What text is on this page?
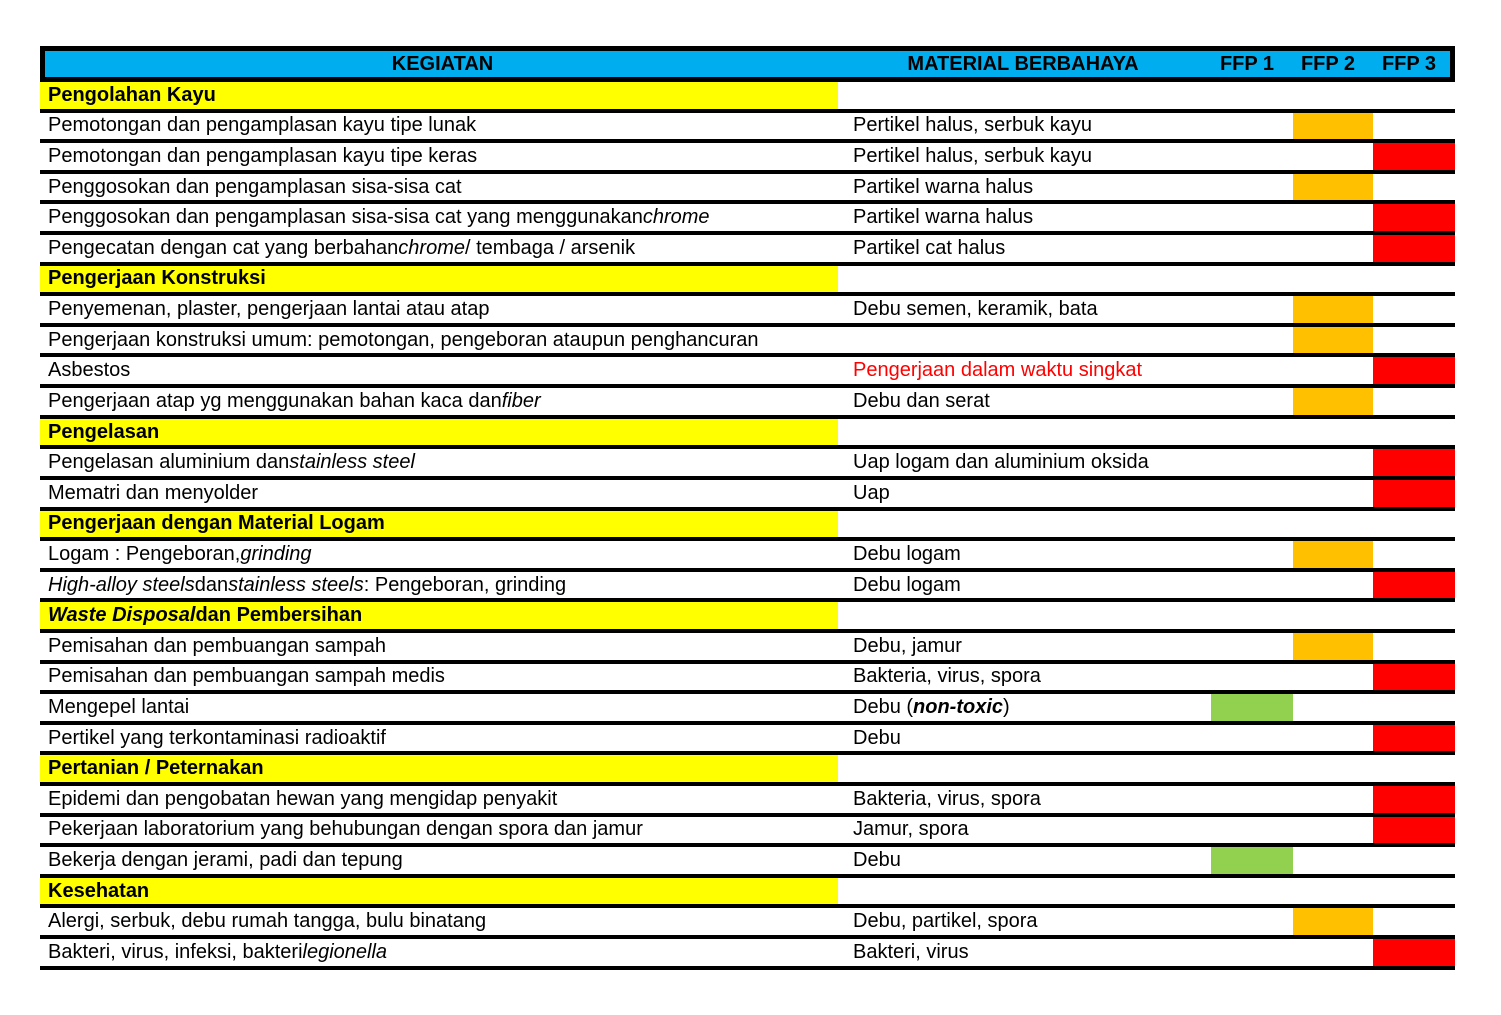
KEGIATAN	MATERIAL BERBAHAYA	FFP 1	FFP 2	FFP 3
Pengolahan Kayu
Pemotongan dan pengamplasan kayu tipe lunak	Pertikel halus, serbuk kayu
Pemotongan dan pengamplasan kayu tipe keras	Pertikel halus, serbuk kayu
Penggosokan dan pengamplasan sisa-sisa cat	Partikel warna halus
Penggosokan dan pengamplasan sisa-sisa cat yang menggunakan chrome	Partikel warna halus
Pengecatan dengan cat yang berbahan chrome / tembaga / arsenik	Partikel cat halus
Pengerjaan Konstruksi
Penyemenan, plaster, pengerjaan lantai atau atap	Debu semen, keramik, bata
Pengerjaan konstruksi umum: pemotongan, pengeboran ataupun penghancuran
Asbestos	Pengerjaan dalam waktu singkat
Pengerjaan atap yg menggunakan bahan kaca dan fiber	Debu dan serat
Pengelasan
Pengelasan aluminium dan stainless steel	Uap logam dan aluminium oksida
Mematri dan menyolder	Uap
Pengerjaan dengan Material Logam
Logam : Pengeboran, grinding	Debu logam
High-alloy steels dan stainless steels : Pengeboran, grinding	Debu logam
Waste Disposal dan Pembersihan
Pemisahan dan pembuangan sampah	Debu, jamur
Pemisahan dan pembuangan sampah medis	Bakteria, virus, spora
Mengepel lantai	Debu ( non-toxic )
Pertikel yang terkontaminasi radioaktif	Debu
Pertanian / Peternakan
Epidemi dan pengobatan hewan yang mengidap penyakit	Bakteria, virus, spora
Pekerjaan laboratorium yang behubungan dengan spora dan jamur	Jamur, spora
Bekerja dengan jerami, padi dan tepung	Debu
Kesehatan
Alergi, serbuk, debu rumah tangga, bulu binatang	Debu, partikel, spora
Bakteri, virus, infeksi, bakteri legionella	Bakteri, virus
